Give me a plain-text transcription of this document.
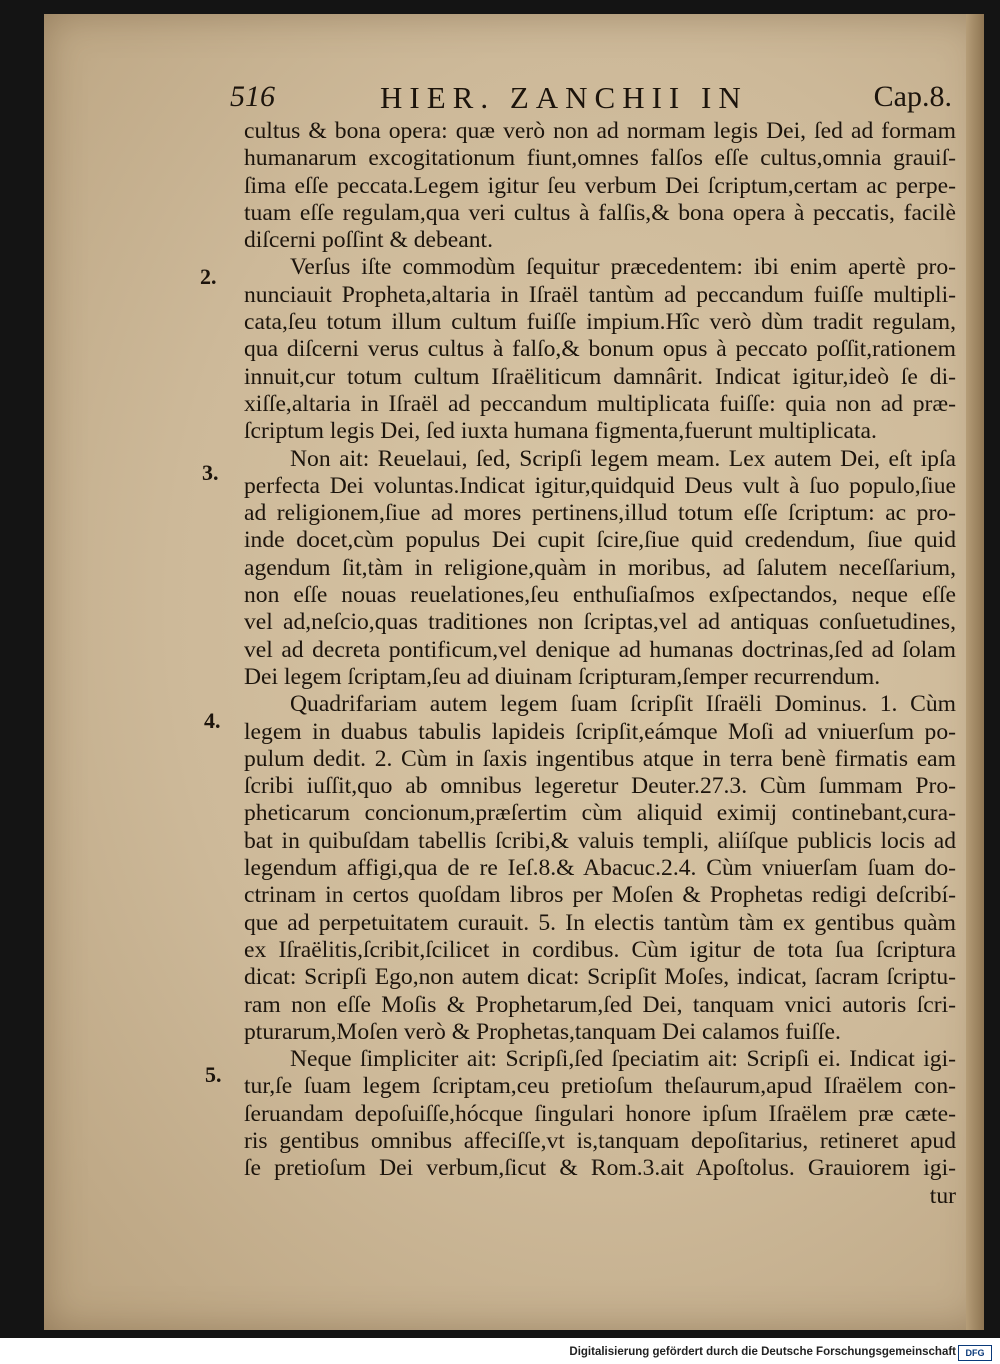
516	HIER. ZANCHII IN	Cap.8.
2.
3.
4.
5.
cultus & bona opera: quæ verò non ad normam legis Dei, ſed ad formam
humanarum excogitationum fiunt,omnes falſos eſſe cultus,omnia grauiſ-
ſima eſſe peccata.Legem igitur ſeu verbum Dei ſcriptum,certam ac perpe-
tuam eſſe regulam,qua veri cultus à falſis,& bona opera à peccatis, facilè
diſcerni poſſint & debeant.
Verſus iſte commodùm ſequitur præcedentem: ibi enim apertè pro-
nunciauit Propheta,altaria in Iſraël tantùm ad peccandum fuiſſe multipli-
cata,ſeu totum illum cultum fuiſſe impium.Hîc verò dùm tradit regulam,
qua diſcerni verus cultus à falſo,& bonum opus à peccato poſſit,rationem
innuit,cur totum cultum Iſraëliticum damnârit. Indicat igitur,ideò ſe di-
xiſſe,altaria in Iſraël ad peccandum multiplicata fuiſſe: quia non ad præ-
ſcriptum legis Dei, ſed iuxta humana figmenta,fuerunt multiplicata.
Non ait: Reuelaui, ſed, Scripſi legem meam. Lex autem Dei, eſt ipſa
perfecta Dei voluntas.Indicat igitur,quidquid Deus vult à ſuo populo,ſiue
ad religionem,ſiue ad mores pertinens,illud totum eſſe ſcriptum: ac pro-
inde docet,cùm populus Dei cupit ſcire,ſiue quid credendum, ſiue quid
agendum ſit,tàm in religione,quàm in moribus, ad ſalutem neceſſarium,
non eſſe nouas reuelationes,ſeu enthuſiaſmos exſpectandos, neque eſſe
vel ad,neſcio,quas traditiones non ſcriptas,vel ad antiquas conſuetudines,
vel ad decreta pontificum,vel denique ad humanas doctrinas,ſed ad ſolam
Dei legem ſcriptam,ſeu ad diuinam ſcripturam,ſemper recurrendum.
Quadrifariam autem legem ſuam ſcripſit Iſraëli Dominus. 1. Cùm
legem in duabus tabulis lapideis ſcripſit,eámque Moſi ad vniuerſum po-
pulum dedit. 2. Cùm in ſaxis ingentibus atque in terra benè firmatis eam
ſcribi iuſſit,quo ab omnibus legeretur Deuter.27.3. Cùm ſummam Pro-
pheticarum concionum,præſertim cùm aliquid eximij continebant,cura-
bat in quibuſdam tabellis ſcribi,& valuis templi, aliíſque publicis locis ad
legendum affigi,qua de re Ieſ.8.& Abacuc.2.4. Cùm vniuerſam ſuam do-
ctrinam in certos quoſdam libros per Moſen & Prophetas redigi deſcribí-
que ad perpetuitatem curauit. 5. In electis tantùm tàm ex gentibus quàm
ex Iſraëlitis,ſcribit,ſcilicet in cordibus. Cùm igitur de tota ſua ſcriptura
dicat: Scripſi Ego,non autem dicat: Scripſit Moſes, indicat, ſacram ſcriptu-
ram non eſſe Moſis & Prophetarum,ſed Dei, tanquam vnici autoris ſcri-
pturarum,Moſen verò & Prophetas,tanquam Dei calamos fuiſſe.
Neque ſimpliciter ait: Scripſi,ſed ſpeciatim ait: Scripſi ei. Indicat igi-
tur,ſe ſuam legem ſcriptam,ceu pretioſum theſaurum,apud Iſraëlem con-
ſeruandam depoſuiſſe,hócque ſingulari honore ipſum Iſraëlem præ cæte-
ris gentibus omnibus affeciſſe,vt is,tanquam depoſitarius, retineret apud
ſe pretioſum Dei verbum,ſicut & Rom.3.ait Apoſtolus. Grauiorem igi-
tur
Digitalisierung gefördert durch die Deutsche Forschungsgemeinschaft	DFG
